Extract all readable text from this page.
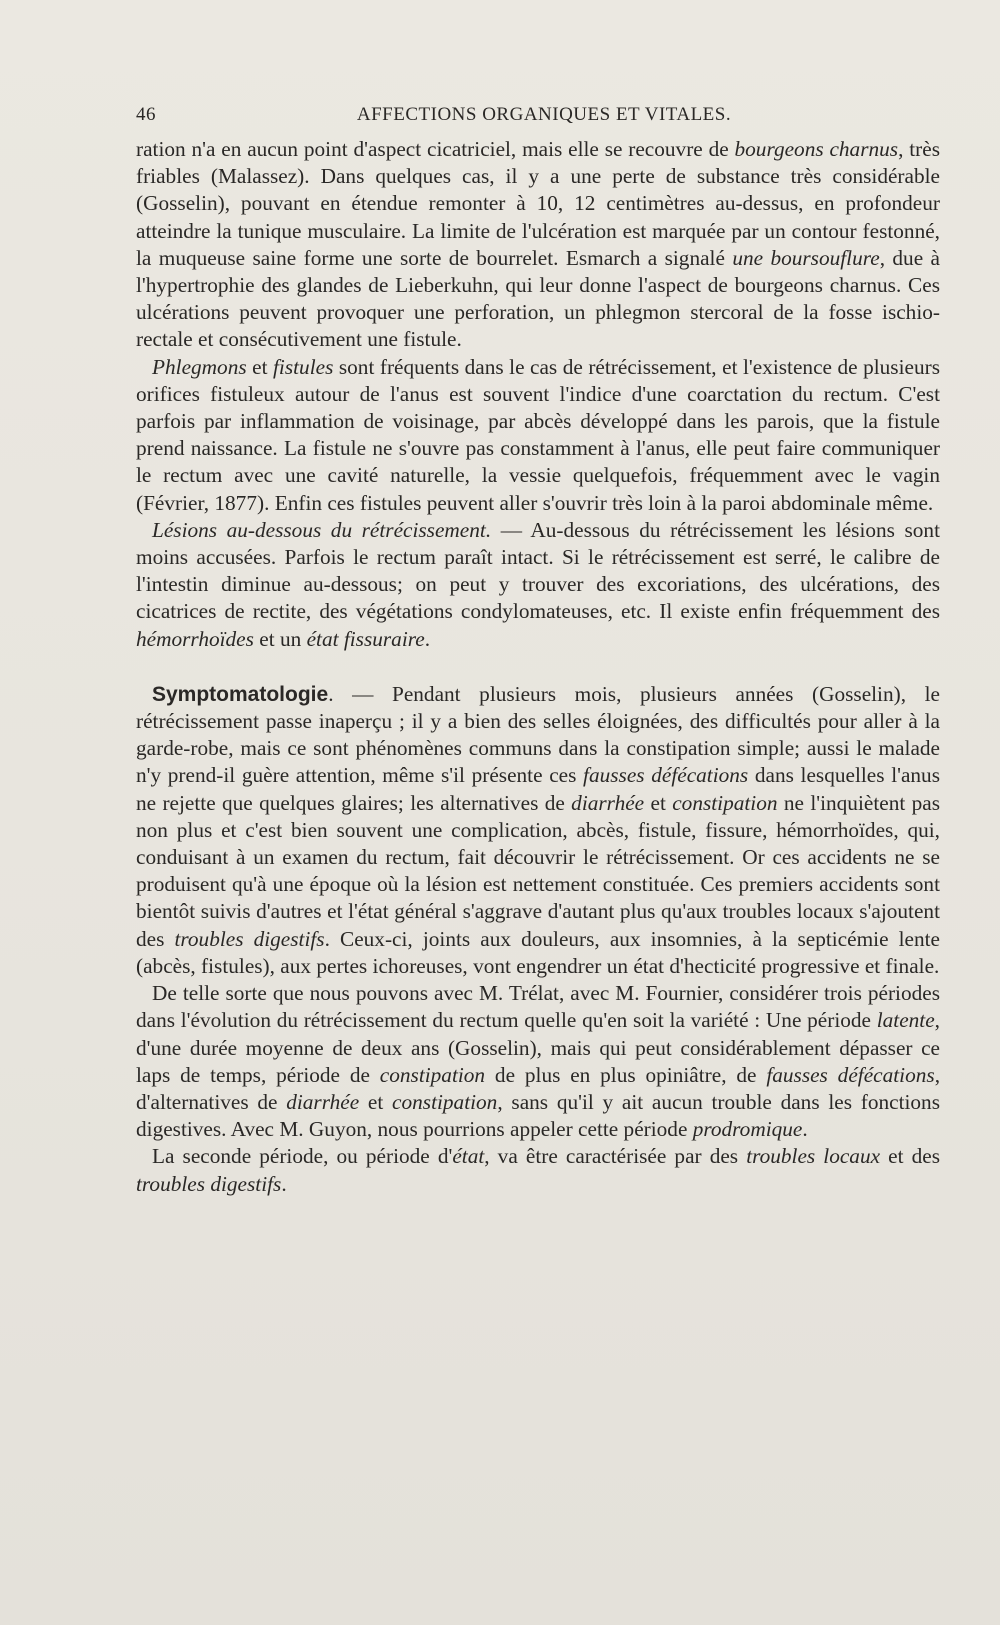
46	AFFECTIONS ORGANIQUES ET VITALES.

ration n'a en aucun point d'aspect cicatriciel, mais elle se recouvre de bourgeons charnus, très friables (Malassez). Dans quelques cas, il y a une perte de substance très considérable (Gosselin), pouvant en étendue remonter à 10, 12 centimètres au-dessus, en profondeur atteindre la tunique musculaire. La limite de l'ulcération est marquée par un contour festonné, la muqueuse saine forme une sorte de bourrelet. Esmarch a signalé une boursouflure, due à l'hypertrophie des glandes de Lieberkuhn, qui leur donne l'aspect de bourgeons charnus. Ces ulcérations peuvent provoquer une perforation, un phlegmon stercoral de la fosse ischio-rectale et consécutivement une fistule.

Phlegmons et fistules sont fréquents dans le cas de rétrécissement, et l'existence de plusieurs orifices fistuleux autour de l'anus est souvent l'indice d'une coarctation du rectum. C'est parfois par inflammation de voisinage, par abcès développé dans les parois, que la fistule prend naissance. La fistule ne s'ouvre pas constamment à l'anus, elle peut faire communiquer le rectum avec une cavité naturelle, la vessie quelquefois, fréquemment avec le vagin (Février, 1877). Enfin ces fistules peuvent aller s'ouvrir très loin à la paroi abdominale même.

Lésions au-dessous du rétrécissement. — Au-dessous du rétrécissement les lésions sont moins accusées. Parfois le rectum paraît intact. Si le rétrécissement est serré, le calibre de l'intestin diminue au-dessous; on peut y trouver des excoriations, des ulcérations, des cicatrices de rectite, des végétations condylomateuses, etc. Il existe enfin fréquemment des hémorrhoïdes et un état fissuraire.

Symptomatologie. — Pendant plusieurs mois, plusieurs années (Gosselin), le rétrécissement passe inaperçu ; il y a bien des selles éloignées, des difficultés pour aller à la garde-robe, mais ce sont phénomènes communs dans la constipation simple; aussi le malade n'y prend-il guère attention, même s'il présente ces fausses défécations dans lesquelles l'anus ne rejette que quelques glaires; les alternatives de diarrhée et constipation ne l'inquiètent pas non plus et c'est bien souvent une complication, abcès, fistule, fissure, hémorrhoïdes, qui, conduisant à un examen du rectum, fait découvrir le rétrécissement. Or ces accidents ne se produisent qu'à une époque où la lésion est nettement constituée. Ces premiers accidents sont bientôt suivis d'autres et l'état général s'aggrave d'autant plus qu'aux troubles locaux s'ajoutent des troubles digestifs. Ceux-ci, joints aux douleurs, aux insomnies, à la septicémie lente (abcès, fistules), aux pertes ichoreuses, vont engendrer un état d'hecticité progressive et finale.

De telle sorte que nous pouvons avec M. Trélat, avec M. Fournier, considérer trois périodes dans l'évolution du rétrécissement du rectum quelle qu'en soit la variété : Une période latente, d'une durée moyenne de deux ans (Gosselin), mais qui peut considérablement dépasser ce laps de temps, période de constipation de plus en plus opiniâtre, de fausses défécations, d'alternatives de diarrhée et constipation, sans qu'il y ait aucun trouble dans les fonctions digestives. Avec M. Guyon, nous pourrions appeler cette période prodromique.

La seconde période, ou période d'état, va être caractérisée par des troubles locaux et des troubles digestifs.
